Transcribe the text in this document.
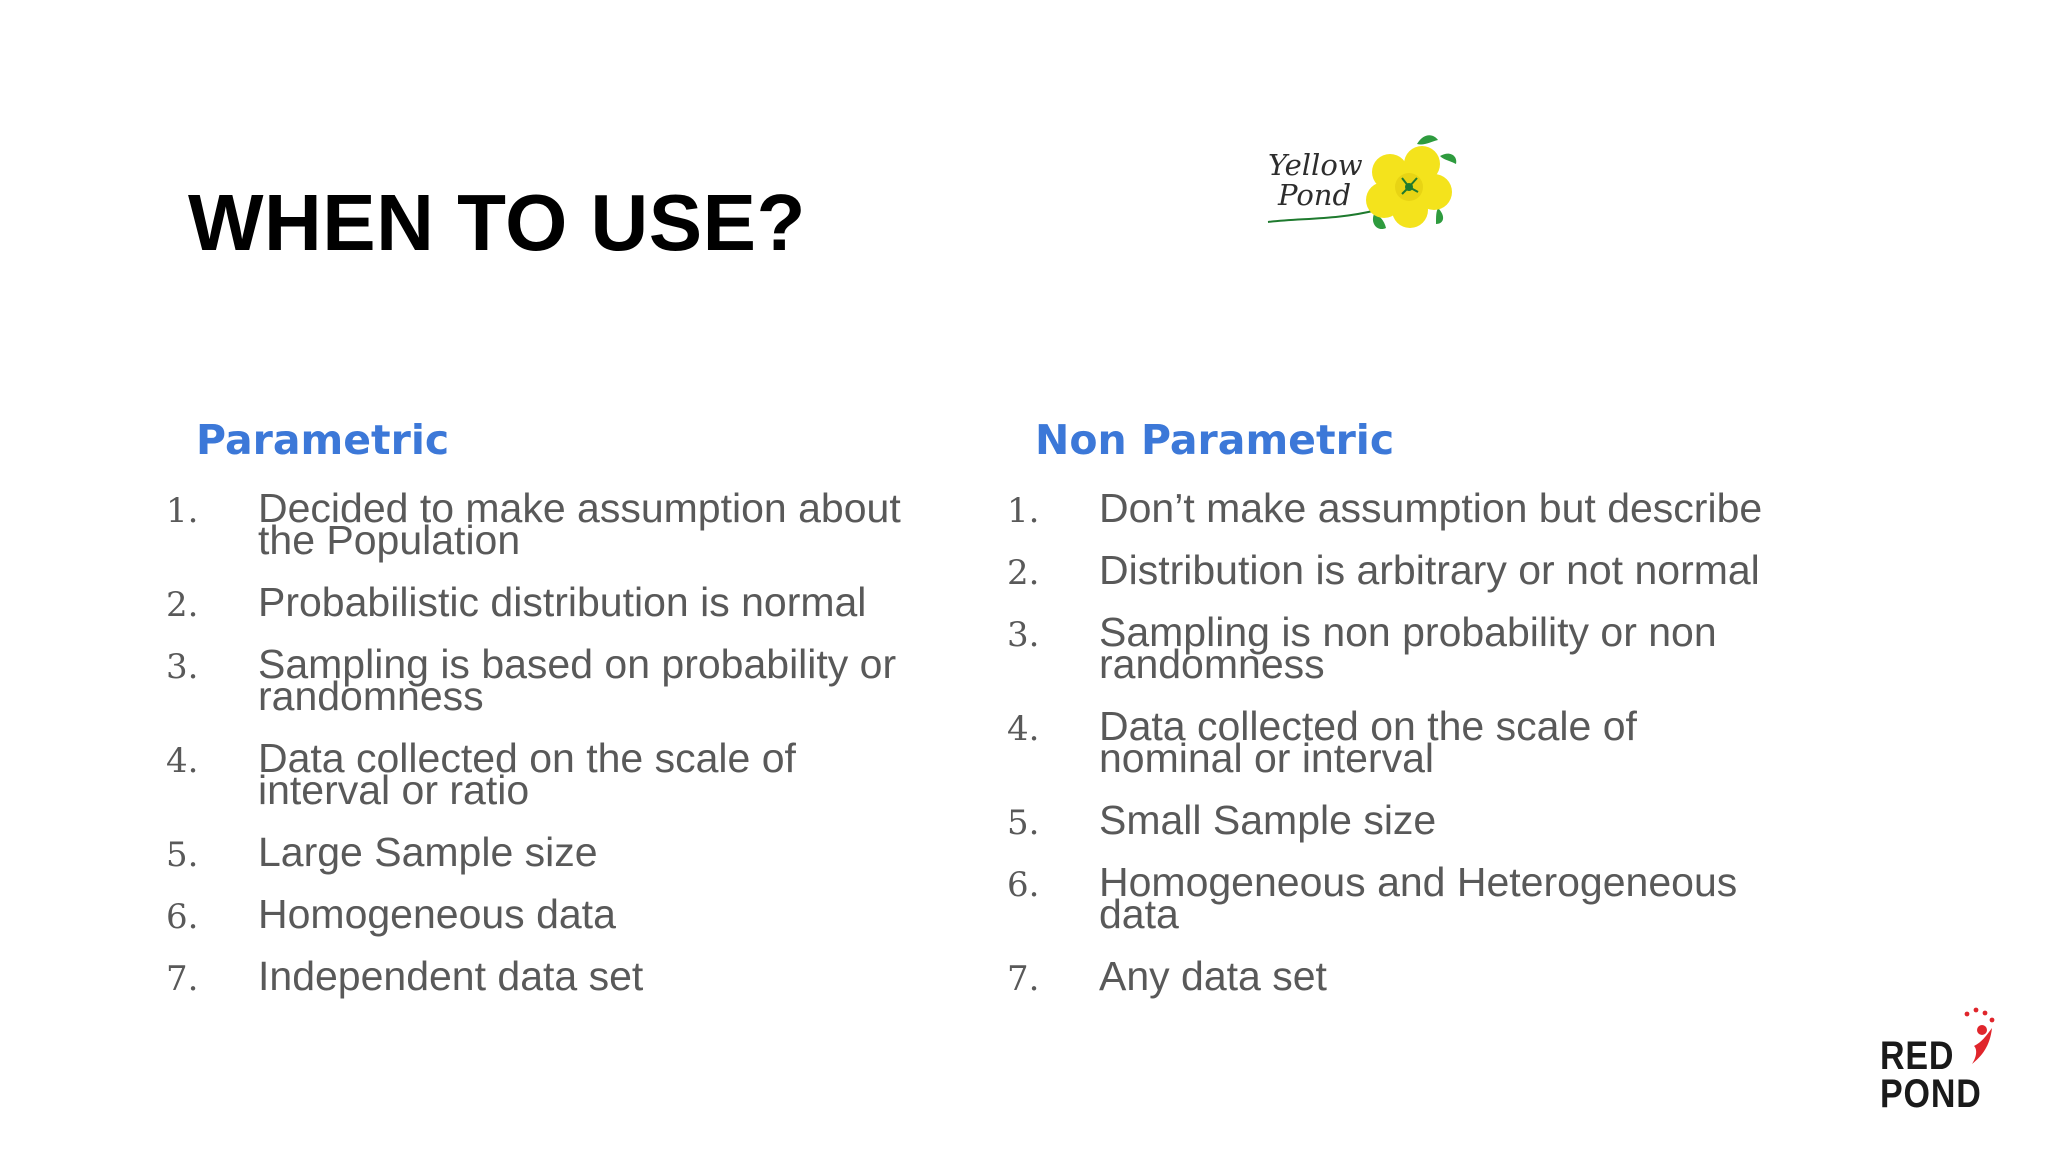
WHEN TO USE?
Yellow
Pond
Parametric
1. Decided to make assumption about the Population
2. Probabilistic distribution is normal
3. Sampling is based on probability or randomness
4. Data collected on the scale of interval or ratio
5. Large Sample size
6. Homogeneous data
7. Independent data set
Non Parametric
1. Don’t make assumption but describe
2. Distribution is arbitrary or not normal
3. Sampling is non probability or non randomness
4. Data collected on the scale of nominal or interval
5. Small Sample size
6. Homogeneous and Heterogeneous data
7. Any data set
RED
POND
